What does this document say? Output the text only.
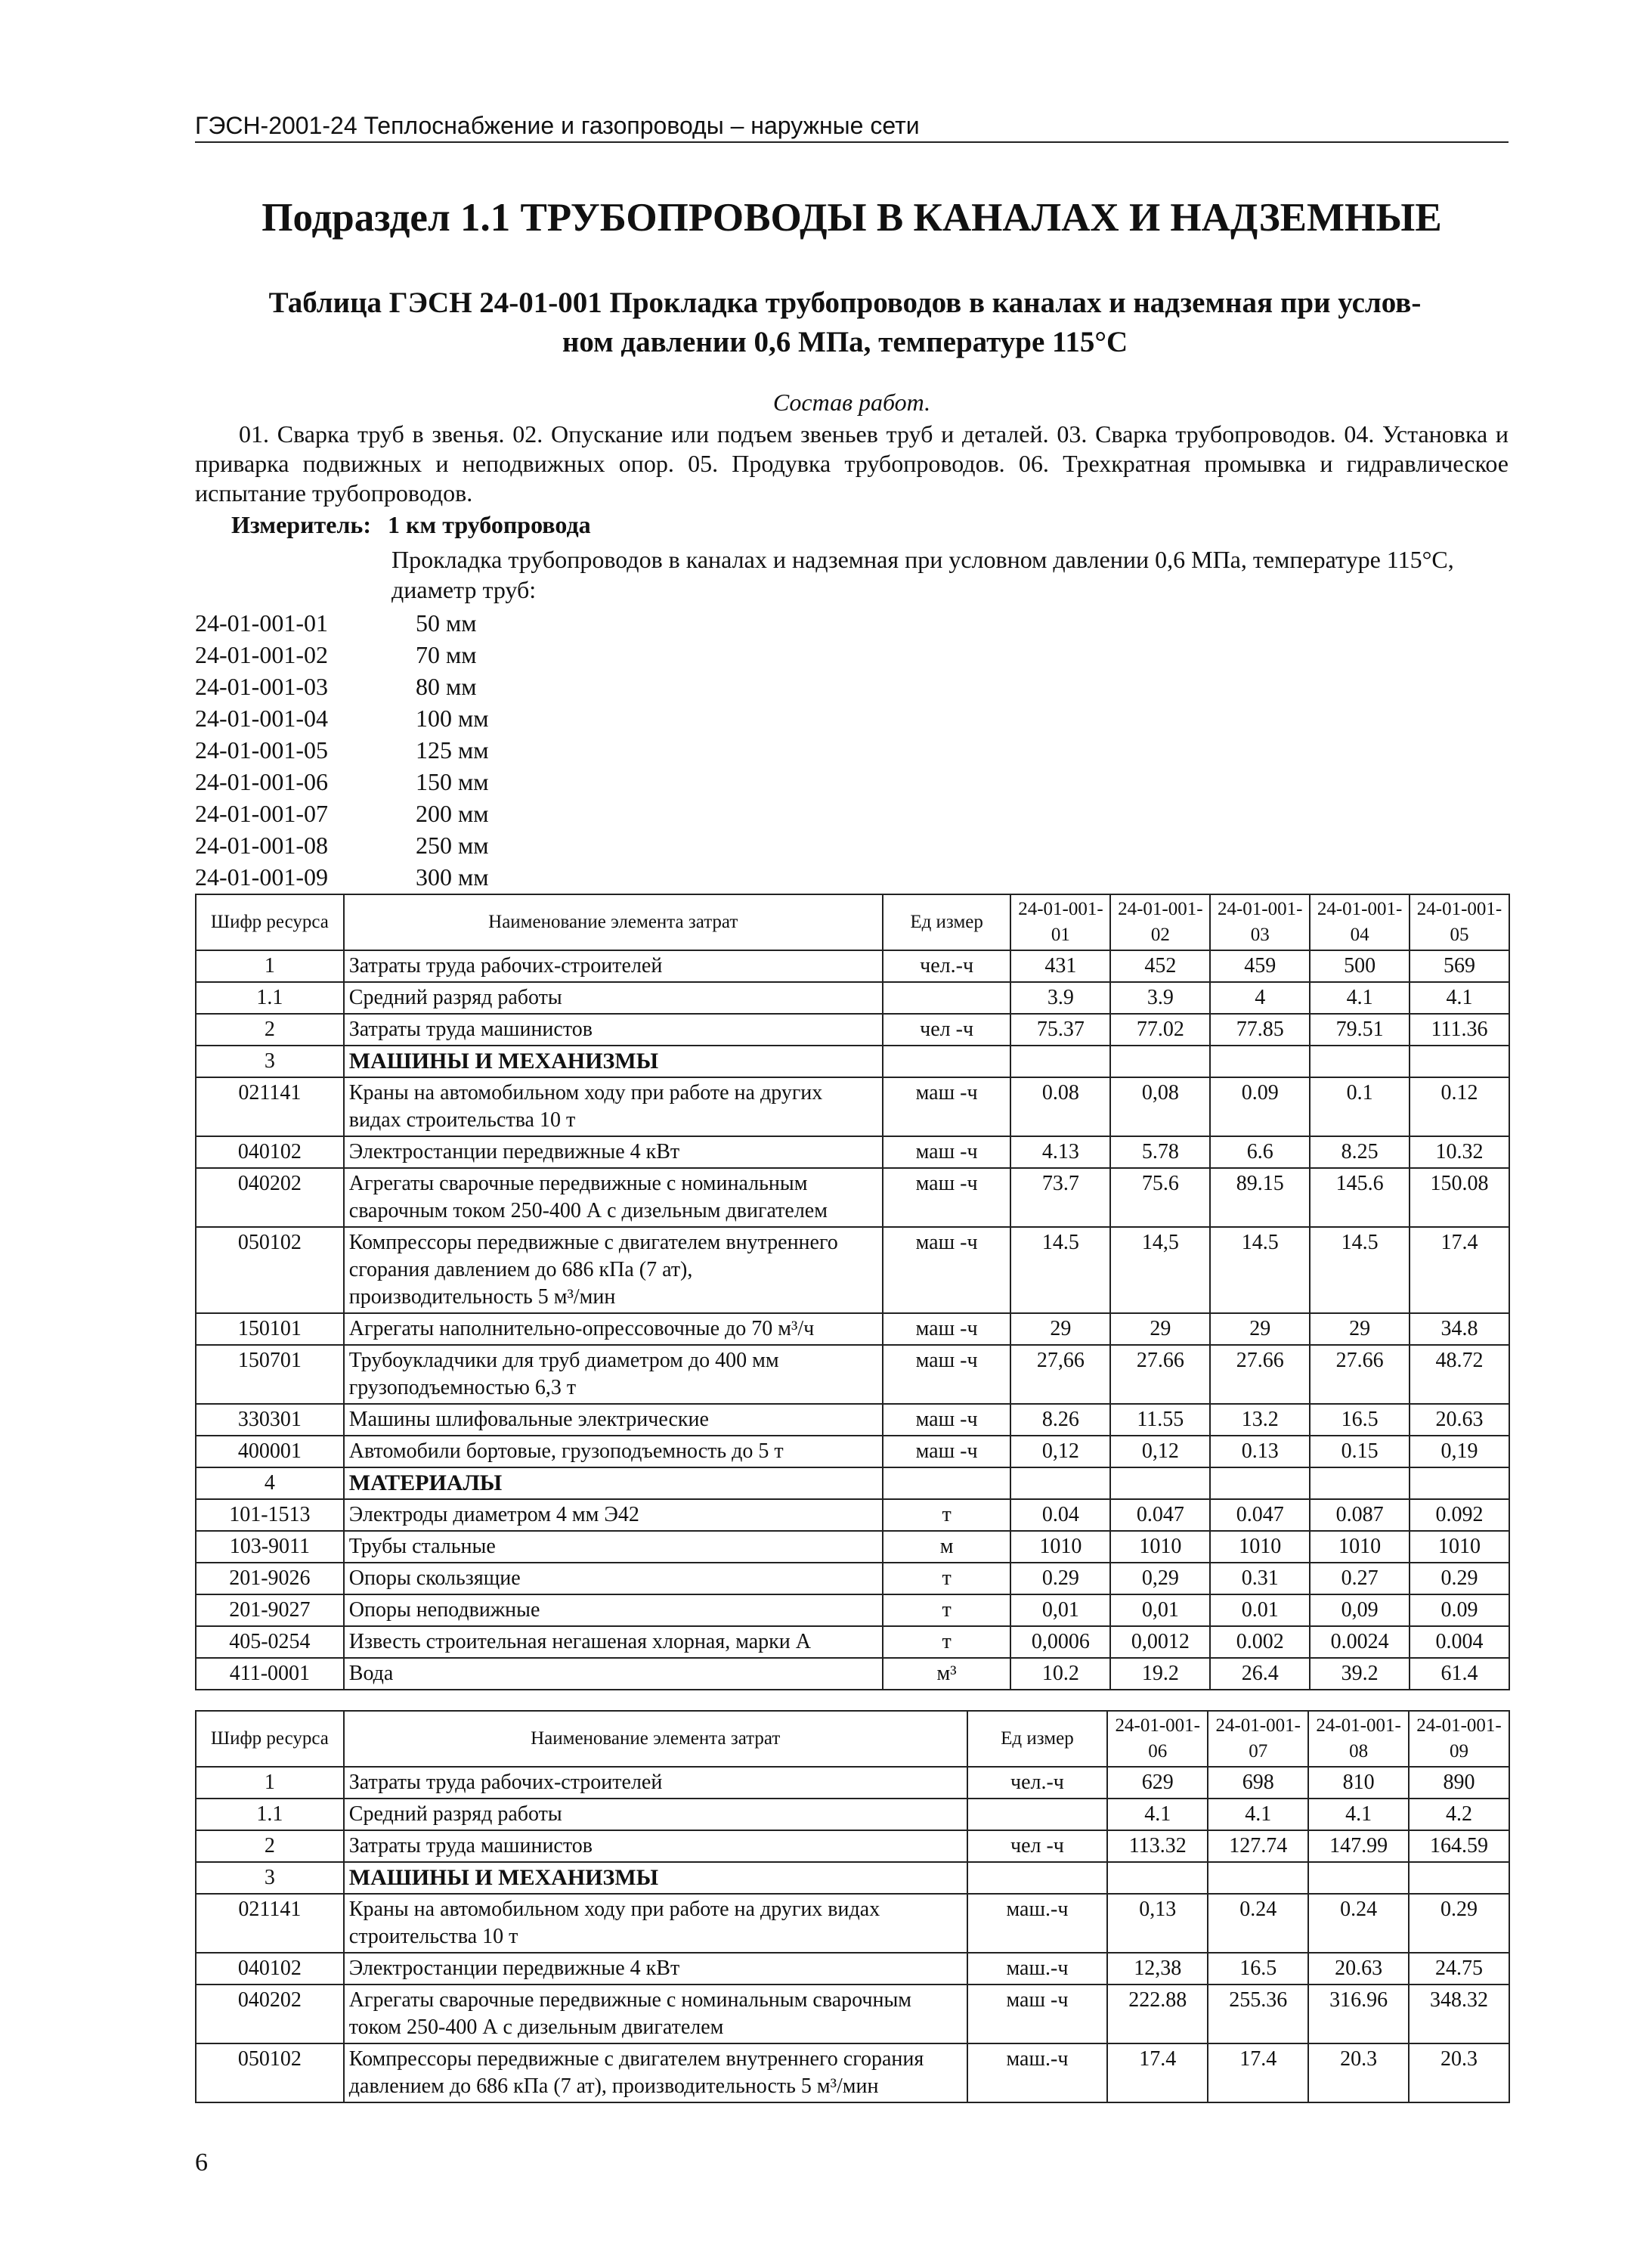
ГЭСН-2001-24 Теплоснабжение и газопроводы – наружные сети
Подраздел 1.1 ТРУБОПРОВОДЫ В КАНАЛАХ И НАДЗЕМНЫЕ
Таблица ГЭСН 24-01-001 Прокладка трубопроводов в каналах и надземная при услов-
ном давлении 0,6 МПа, температуре 115°С
Состав работ.
01. Сварка труб в звенья. 02. Опускание или подъем звеньев труб и деталей. 03. Сварка трубопроводов. 04. Установка и приварка подвижных и неподвижных опор. 05. Продувка трубопроводов. 06. Трехкратная промывка и гидравлическое испытание трубопроводов.
Измеритель: 1 км трубопровода
Прокладка трубопроводов в каналах и надземная при условном давлении 0,6 МПа, температуре 115°С, диаметр труб:
24-01-001-01	50 мм
24-01-001-02	70 мм
24-01-001-03	80 мм
24-01-001-04	100 мм
24-01-001-05	125 мм
24-01-001-06	150 мм
24-01-001-07	200 мм
24-01-001-08	250 мм
24-01-001-09	300 мм
Шифр ресурса	Наименование элемента затрат	Ед измер	24-01-001-01	24-01-001-02	24-01-001-03	24-01-001-04	24-01-001-05
1	Затраты труда рабочих-строителей	чел.-ч	431	452	459	500	569
1.1	Средний разряд работы		3.9	3.9	4	4.1	4.1
2	Затраты труда машинистов	чел -ч	75.37	77.02	77.85	79.51	111.36
3	МАШИНЫ И МЕХАНИЗМЫ						
021141	Краны на автомобильном ходу при работе на других видах строительства 10 т	маш -ч	0.08	0,08	0.09	0.1	0.12
040102	Электростанции передвижные 4 кВт	маш -ч	4.13	5.78	6.6	8.25	10.32
040202	Агрегаты сварочные передвижные с номинальным сварочным током 250-400 А с дизельным двигателем	маш -ч	73.7	75.6	89.15	145.6	150.08
050102	Компрессоры передвижные с двигателем внутреннего сгорания давлением до 686 кПа (7 ат), производительность 5 м³/мин	маш -ч	14.5	14,5	14.5	14.5	17.4
150101	Агрегаты наполнительно-опрессовочные до 70 м³/ч	маш -ч	29	29	29	29	34.8
150701	Трубоукладчики для труб диаметром до 400 мм грузоподъемностью 6,3 т	маш -ч	27,66	27.66	27.66	27.66	48.72
330301	Машины шлифовальные электрические	маш -ч	8.26	11.55	13.2	16.5	20.63
400001	Автомобили бортовые, грузоподъемность до 5 т	маш -ч	0,12	0,12	0.13	0.15	0,19
4	МАТЕРИАЛЫ						
101-1513	Электроды диаметром 4 мм Э42	т	0.04	0.047	0.047	0.087	0.092
103-9011	Трубы стальные	м	1010	1010	1010	1010	1010
201-9026	Опоры скользящие	т	0.29	0,29	0.31	0.27	0.29
201-9027	Опоры неподвижные	т	0,01	0,01	0.01	0,09	0.09
405-0254	Известь строительная негашеная хлорная, марки А	т	0,0006	0,0012	0.002	0.0024	0.004
411-0001	Вода	м³	10.2	19.2	26.4	39.2	61.4
Шифр ресурса	Наименование элемента затрат	Ед измер	24-01-001-06	24-01-001-07	24-01-001-08	24-01-001-09
1	Затраты труда рабочих-строителей	чел.-ч	629	698	810	890
1.1	Средний разряд работы		4.1	4.1	4.1	4.2
2	Затраты труда машинистов	чел -ч	113.32	127.74	147.99	164.59
3	МАШИНЫ И МЕХАНИЗМЫ					
021141	Краны на автомобильном ходу при работе на других видах строительства 10 т	маш.-ч	0,13	0.24	0.24	0.29
040102	Электростанции передвижные 4 кВт	маш.-ч	12,38	16.5	20.63	24.75
040202	Агрегаты сварочные передвижные с номинальным сварочным током 250-400 А с дизельным двигателем	маш -ч	222.88	255.36	316.96	348.32
050102	Компрессоры передвижные с двигателем внутреннего сгорания давлением до 686 кПа (7 ат), производительность 5 м³/мин	маш.-ч	17.4	17.4	20.3	20.3
6
